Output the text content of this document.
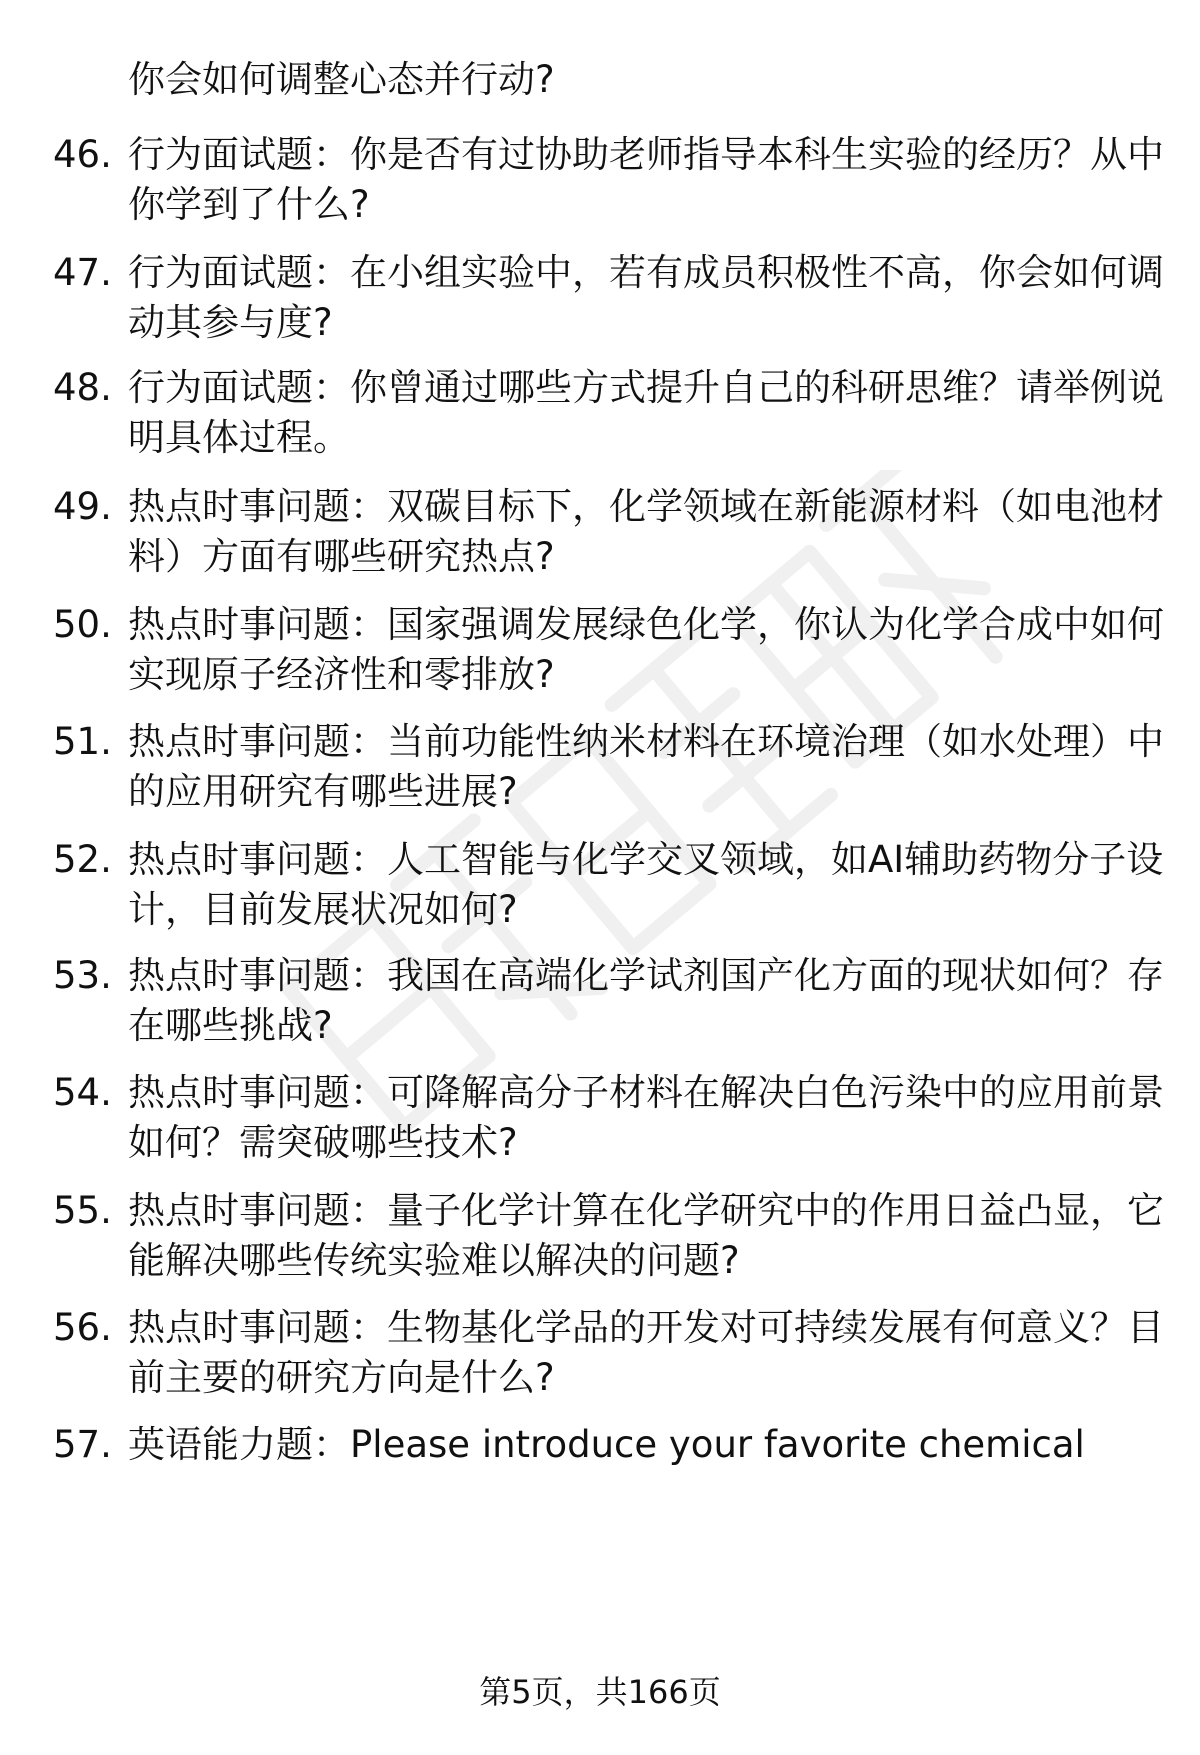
你会如何调整心态并行动?
46. 行为面试题：你是否有过协助老师指导本科生实验的经历？从中
你学到了什么?
47. 行为面试题：在小组实验中，若有成员积极性不高，你会如何调
动其参与度?
48. 行为面试题：你曾通过哪些方式提升自己的科研思维？请举例说
明具体过程。
49. 热点时事问题：双碳目标下，化学领域在新能源材料（如电池材
料）方面有哪些研究热点?
50. 热点时事问题：国家强调发展绿色化学，你认为化学合成中如何
实现原子经济性和零排放?
51. 热点时事问题：当前功能性纳米材料在环境治理（如水处理）中
的应用研究有哪些进展?
52. 热点时事问题：人工智能与化学交叉领域，如AI辅助药物分子设
计，目前发展状况如何?
53. 热点时事问题：我国在高端化学试剂国产化方面的现状如何？存
在哪些挑战?
54. 热点时事问题：可降解高分子材料在解决白色污染中的应用前景
如何？需突破哪些技术?
55. 热点时事问题：量子化学计算在化学研究中的作用日益凸显，它
能解决哪些传统实验难以解决的问题?
56. 热点时事问题：生物基化学品的开发对可持续发展有何意义？目
前主要的研究方向是什么?
57. 英语能力题：Please introduce your favorite chemical
第5页，共166页
